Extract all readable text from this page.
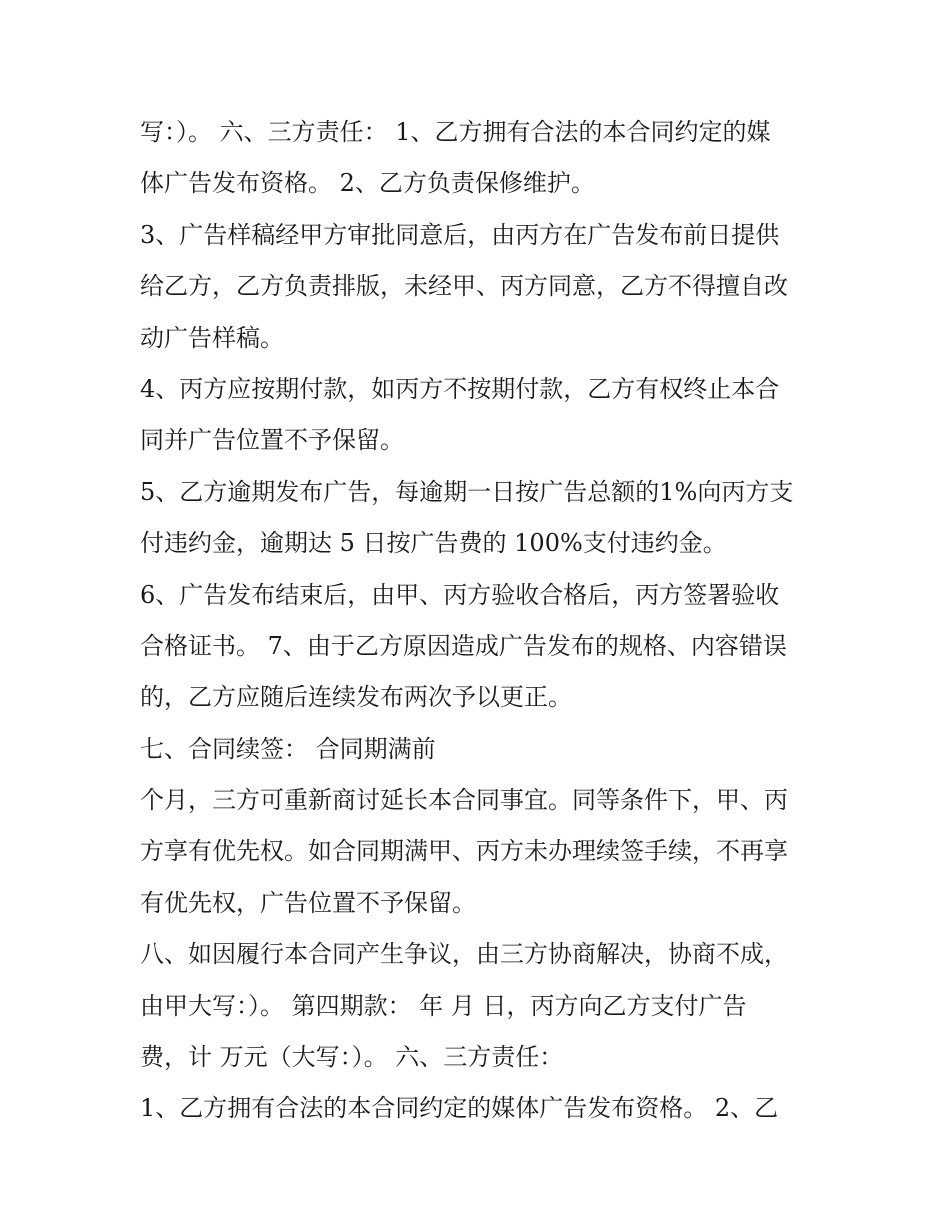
写：）。 六、三方责任： 1、乙方拥有合法的本合同约定的媒
体广告发布资格。 2、乙方负责保修维护。
3、广告样稿经甲方审批同意后，由丙方在广告发布前日提供
给乙方，乙方负责排版，未经甲、丙方同意，乙方不得擅自改
动广告样稿。
4、丙方应按期付款，如丙方不按期付款，乙方有权终止本合
同并广告位置不予保留。
5、乙方逾期发布广告，每逾期一日按广告总额的1%向丙方支
付违约金，逾期达 5 日按广告费的 100%支付违约金。
6、广告发布结束后，由甲、丙方验收合格后，丙方签署验收
合格证书。 7、由于乙方原因造成广告发布的规格、内容错误
的，乙方应随后连续发布两次予以更正。
七、合同续签： 合同期满前
个月，三方可重新商讨延长本合同事宜。同等条件下，甲、丙
方享有优先权。如合同期满甲、丙方未办理续签手续，不再享
有优先权，广告位置不予保留。
八、如因履行本合同产生争议，由三方协商解决，协商不成，
由甲大写：）。 第四期款： 年 月 日，丙方向乙方支付广告
费，计 万元（大写：）。 六、三方责任：
1、乙方拥有合法的本合同约定的媒体广告发布资格。 2、乙
